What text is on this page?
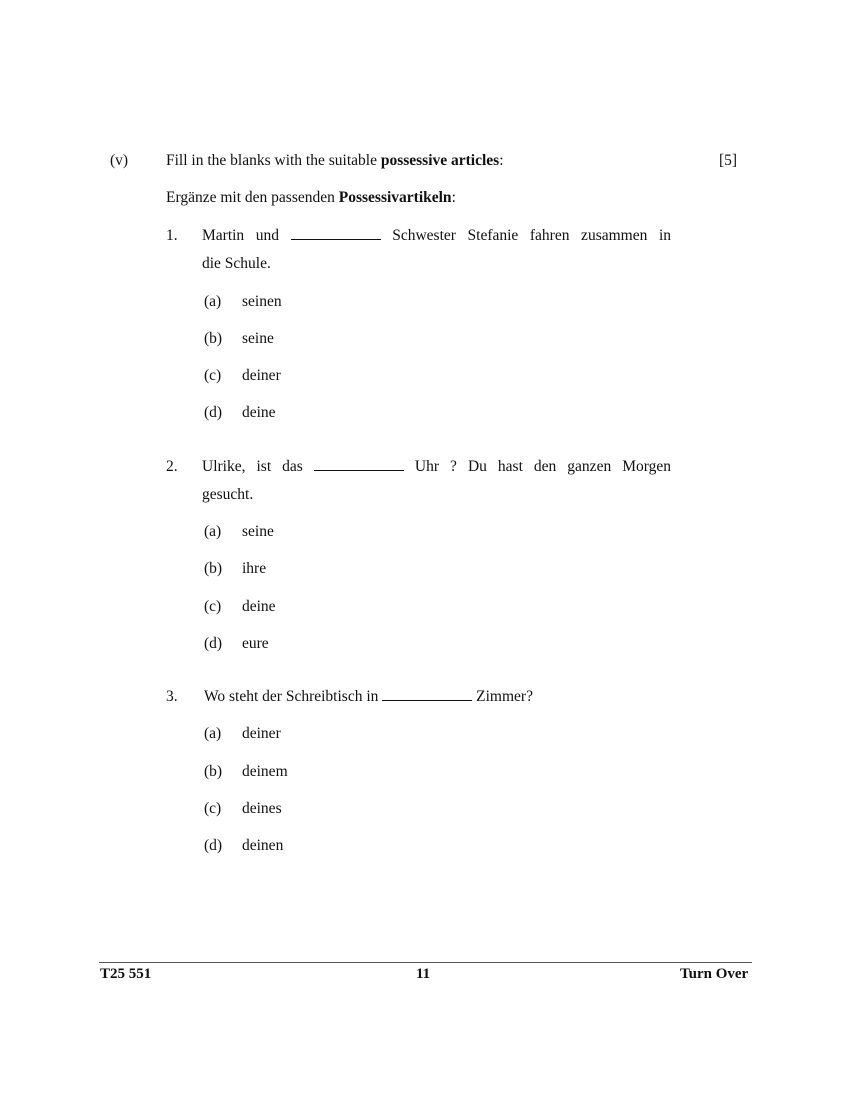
(v) Fill in the blanks with the suitable possessive articles:	[5]
Ergänze mit den passenden Possessivartikeln:
1. Martin und	Schwester Stefanie fahren zusammen in
die Schule.
(a) seinen
(b) seine
(c) deiner
(d) deine
2. Ulrike, ist das	Uhr ? Du hast den ganzen Morgen
gesucht.
(a) seine
(b) ihre
(c) deine
(d) eure
3. Wo steht der Schreibtisch in	Zimmer?
(a) deiner
(b) deinem
(c) deines
(d) deinen
T25 551	11	Turn Over
